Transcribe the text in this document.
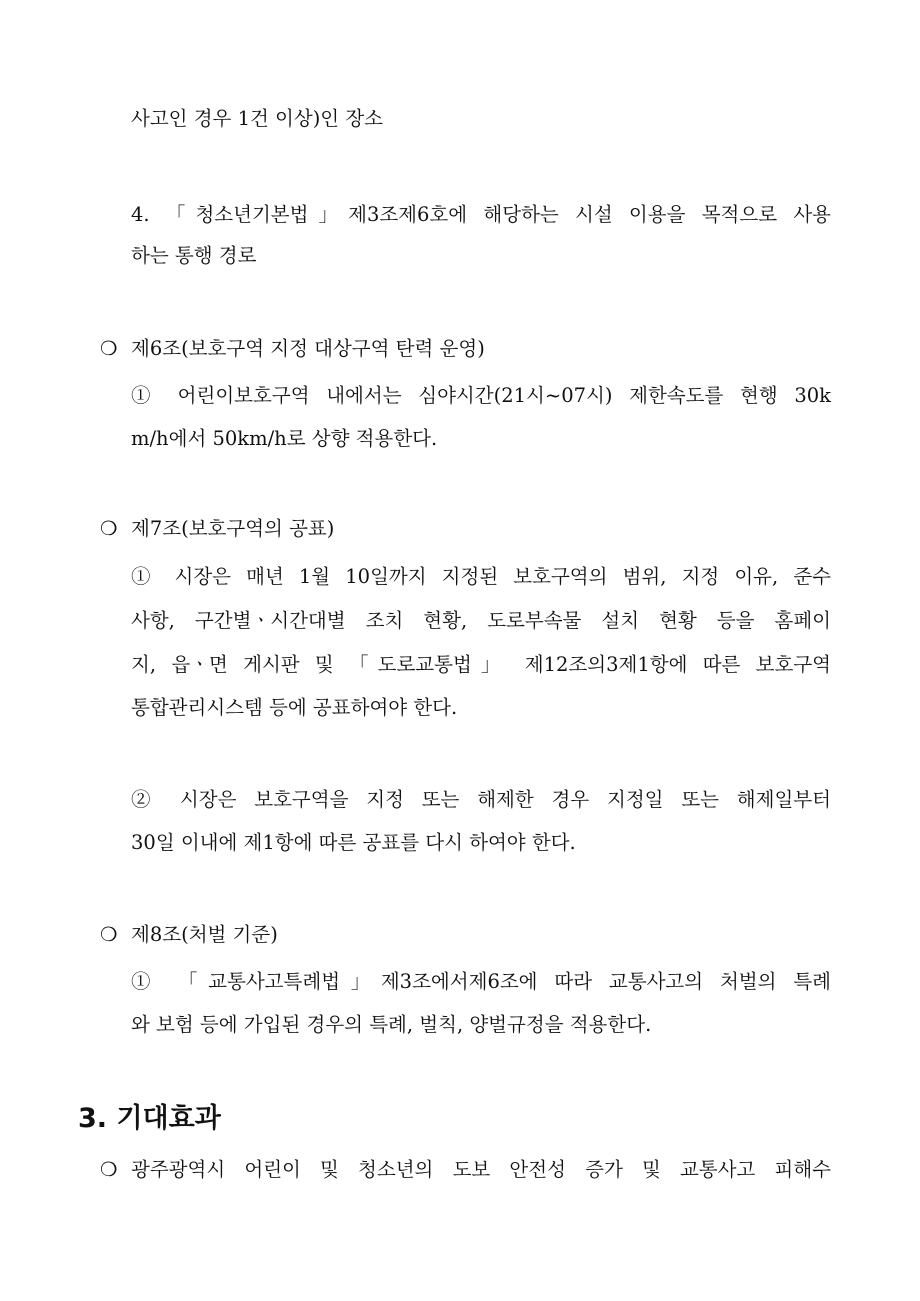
사고인 경우 1건 이상)인 장소
4. 「청소년기본법」제3조제6호에 해당하는 시설 이용을 목적으로 사용
하는 통행 경로
❍ 제6조(보호구역 지정 대상구역 탄력 운영)
① 어린이보호구역 내에서는 심야시간(21시~07시) 제한속도를 현행 30k
m/h에서 50km/h로 상향 적용한다.
❍ 제7조(보호구역의 공표)
① 시장은 매년 1월 10일까지 지정된 보호구역의 범위, 지정 이유, 준수
사항, 구간별ㆍ시간대별 조치 현황, 도로부속물 설치 현황 등을 홈페이
지, 읍ㆍ면 게시판 및 「도로교통법」 제12조의3제1항에 따른 보호구역
통합관리시스템 등에 공표하여야 한다.
② 시장은 보호구역을 지정 또는 해제한 경우 지정일 또는 해제일부터
30일 이내에 제1항에 따른 공표를 다시 하여야 한다.
❍ 제8조(처벌 기준)
① 「교통사고특례법」제3조에서제6조에 따라 교통사고의 처벌의 특례
와 보험 등에 가입된 경우의 특례, 벌칙, 양벌규정을 적용한다.
3. 기대효과
❍ 광주광역시 어린이 및 청소년의 도보 안전성 증가 및 교통사고 피해수
